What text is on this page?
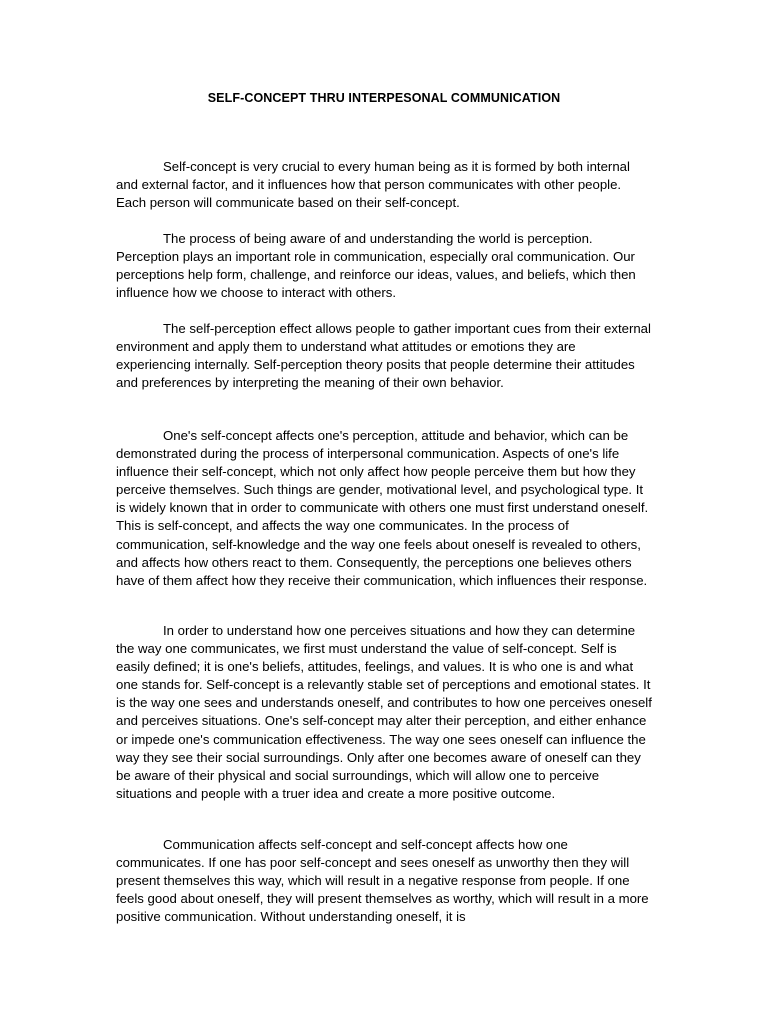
SELF-CONCEPT THRU INTERPESONAL COMMUNICATION

Self-concept is very crucial to every human being as it is formed by both internal and external factor, and it influences how that person communicates with other people. Each person will communicate based on their self-concept.

The process of being aware of and understanding the world is perception. Perception plays an important role in communication, especially oral communication. Our perceptions help form, challenge, and reinforce our ideas, values, and beliefs, which then influence how we choose to interact with others.

The self-perception effect allows people to gather important cues from their external environment and apply them to understand what attitudes or emotions they are experiencing internally. Self-perception theory posits that people determine their attitudes and preferences by interpreting the meaning of their own behavior.

One's self-concept affects one's perception, attitude and behavior, which can be demonstrated during the process of interpersonal communication. Aspects of one's life influence their self-concept, which not only affect how people perceive them but how they perceive themselves. Such things are gender, motivational level, and psychological type. It is widely known that in order to communicate with others one must first understand oneself. This is self-concept, and affects the way one communicates. In the process of communication, self-knowledge and the way one feels about oneself is revealed to others, and affects how others react to them. Consequently, the perceptions one believes others have of them affect how they receive their communication, which influences their response.

In order to understand how one perceives situations and how they can determine the way one communicates, we first must understand the value of self-concept. Self is easily defined; it is one's beliefs, attitudes, feelings, and values. It is who one is and what one stands for. Self-concept is a relevantly stable set of perceptions and emotional states. It is the way one sees and understands oneself, and contributes to how one perceives oneself and perceives situations. One's self-concept may alter their perception, and either enhance or impede one's communication effectiveness. The way one sees oneself can influence the way they see their social surroundings. Only after one becomes aware of oneself can they be aware of their physical and social surroundings, which will allow one to perceive situations and people with a truer idea and create a more positive outcome.

Communication affects self-concept and self-concept affects how one communicates. If one has poor self-concept and sees oneself as unworthy then they will present themselves this way, which will result in a negative response from people. If one feels good about oneself, they will present themselves as worthy, which will result in a more positive communication. Without understanding oneself, it is
